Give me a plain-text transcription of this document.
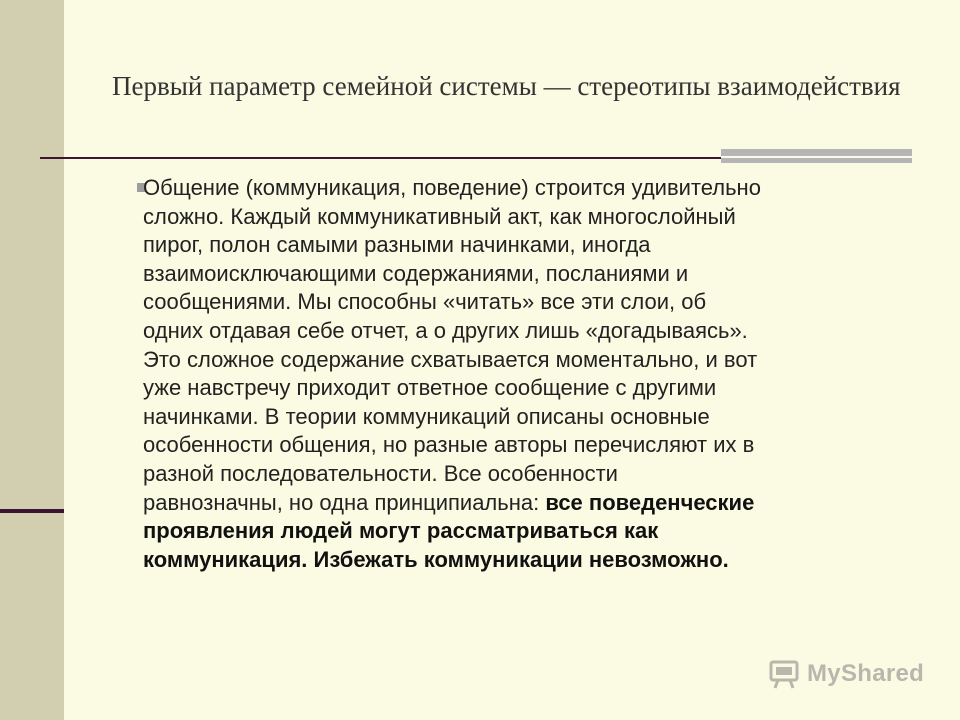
Первый параметр семейной системы — стереотипы взаимодействия

Общение (коммуникация, поведение) строится удивительно
сложно. Каждый коммуникативный акт, как многослойный
пирог, полон самыми разными начинками, иногда
взаимоисключающими содержаниями, посланиями и
сообщениями. Мы способны «читать» все эти слои, об
одних отдавая себе отчет, а о других лишь «догадываясь».
Это сложное содержание схватывается моментально, и вот
уже навстречу приходит ответное сообщение с другими
начинками. В теории коммуникаций описаны основные
особенности общения, но разные авторы перечисляют их в
разной последовательности. Все особенности
равнозначны, но одна принципиальна: все поведенческие
проявления людей могут рассматриваться как
коммуникация. Избежать коммуникации невозможно.

MyShared
